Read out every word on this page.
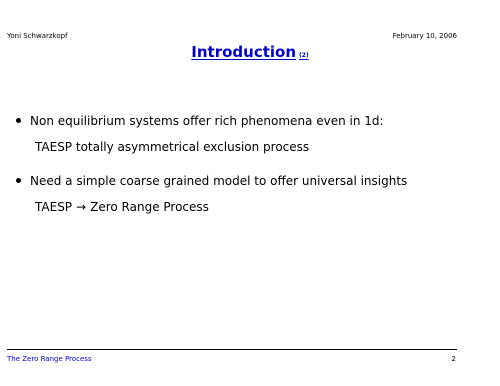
Yoni Schwarzkopf	February 10, 2006
Introduction (2)
Non equilibrium systems offer rich phenomena even in 1d:
TAESP totally asymmetrical exclusion process
Need a simple coarse grained model to offer universal insights
TAESP → Zero Range Process
The Zero Range Process	2
